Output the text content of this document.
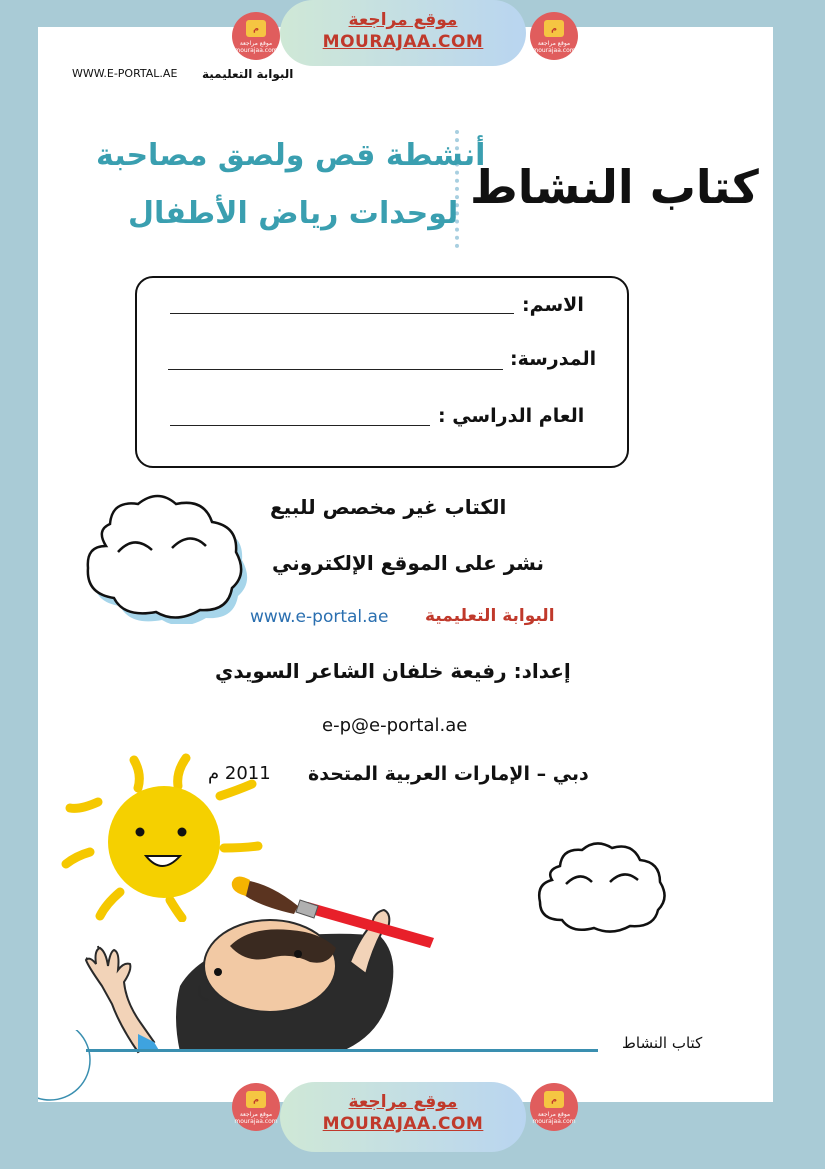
م
موقع مراجعة mourajaa.com
موقع مراجعة
MOURAJAA.COM
م
موقع مراجعة mourajaa.com
WWW.E-PORTAL.AE البوابة التعليمية
كتاب النشاط
أنشطة قص ولصق مصاحبة
لوحدات رياض الأطفال
الاسم:
المدرسة:
العام الدراسي :
الكتاب غير مخصص للبيع
نشر على الموقع الإلكتروني
البوابة التعليمية
www.e-portal.ae
إعداد: رفيعة خلفان الشاعر السويدي
e-p@e-portal.ae
دبي – الإمارات العربية المتحدة
2011 م
كتاب النشاط
م
موقع مراجعة mourajaa.com
موقع مراجعة
MOURAJAA.COM
م
موقع مراجعة mourajaa.com
